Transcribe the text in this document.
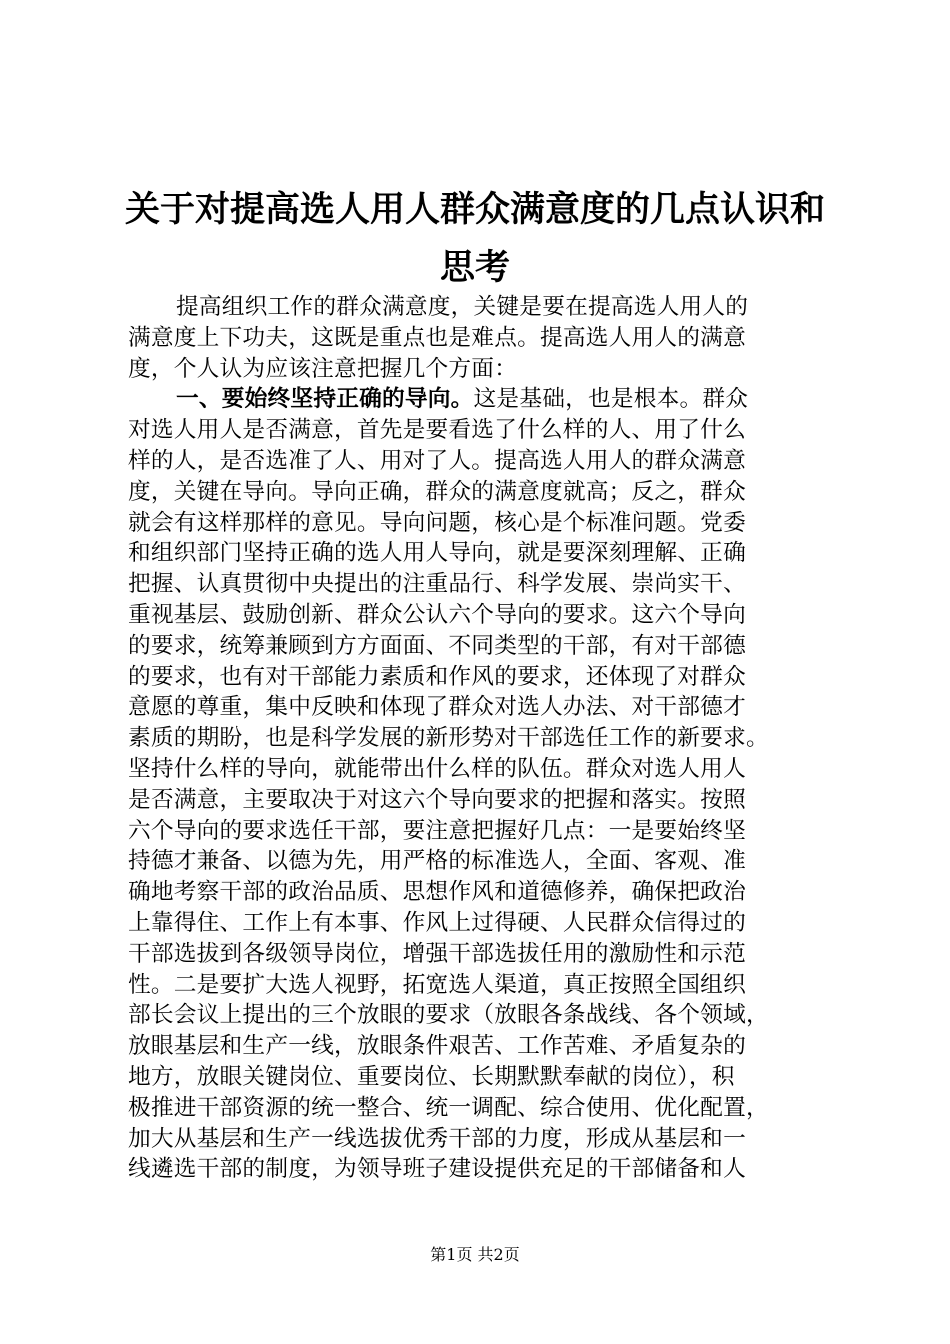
关于对提高选人用人群众满意度的几点认识和
思考
提高组织工作的群众满意度，关键是要在提高选人用人的
满意度上下功夫，这既是重点也是难点。提高选人用人的满意
度，个人认为应该注意把握几个方面：
一、要始终坚持正确的导向。这是基础，也是根本。群众
对选人用人是否满意，首先是要看选了什么样的人、用了什么
样的人，是否选准了人、用对了人。提高选人用人的群众满意
度，关键在导向。导向正确，群众的满意度就高；反之，群众
就会有这样那样的意见。导向问题，核心是个标准问题。党委
和组织部门坚持正确的选人用人导向，就是要深刻理解、正确
把握、认真贯彻中央提出的注重品行、科学发展、崇尚实干、
重视基层、鼓励创新、群众公认六个导向的要求。这六个导向
的要求，统筹兼顾到方方面面、不同类型的干部，有对干部德
的要求，也有对干部能力素质和作风的要求，还体现了对群众
意愿的尊重，集中反映和体现了群众对选人办法、对干部德才
素质的期盼，也是科学发展的新形势对干部选任工作的新要求。
坚持什么样的导向，就能带出什么样的队伍。群众对选人用人
是否满意，主要取决于对这六个导向要求的把握和落实。按照
六个导向的要求选任干部，要注意把握好几点：一是要始终坚
持德才兼备、以德为先，用严格的标准选人，全面、客观、准
确地考察干部的政治品质、思想作风和道德修养，确保把政治
上靠得住、工作上有本事、作风上过得硬、人民群众信得过的
干部选拔到各级领导岗位，增强干部选拔任用的激励性和示范
性。二是要扩大选人视野，拓宽选人渠道，真正按照全国组织
部长会议上提出的三个放眼的要求（放眼各条战线、各个领域，
放眼基层和生产一线，放眼条件艰苦、工作苦难、矛盾复杂的
地方，放眼关键岗位、重要岗位、长期默默奉献的岗位），积
极推进干部资源的统一整合、统一调配、综合使用、优化配置，
加大从基层和生产一线选拔优秀干部的力度，形成从基层和一
线遴选干部的制度，为领导班子建设提供充足的干部储备和人
第1页 共2页
